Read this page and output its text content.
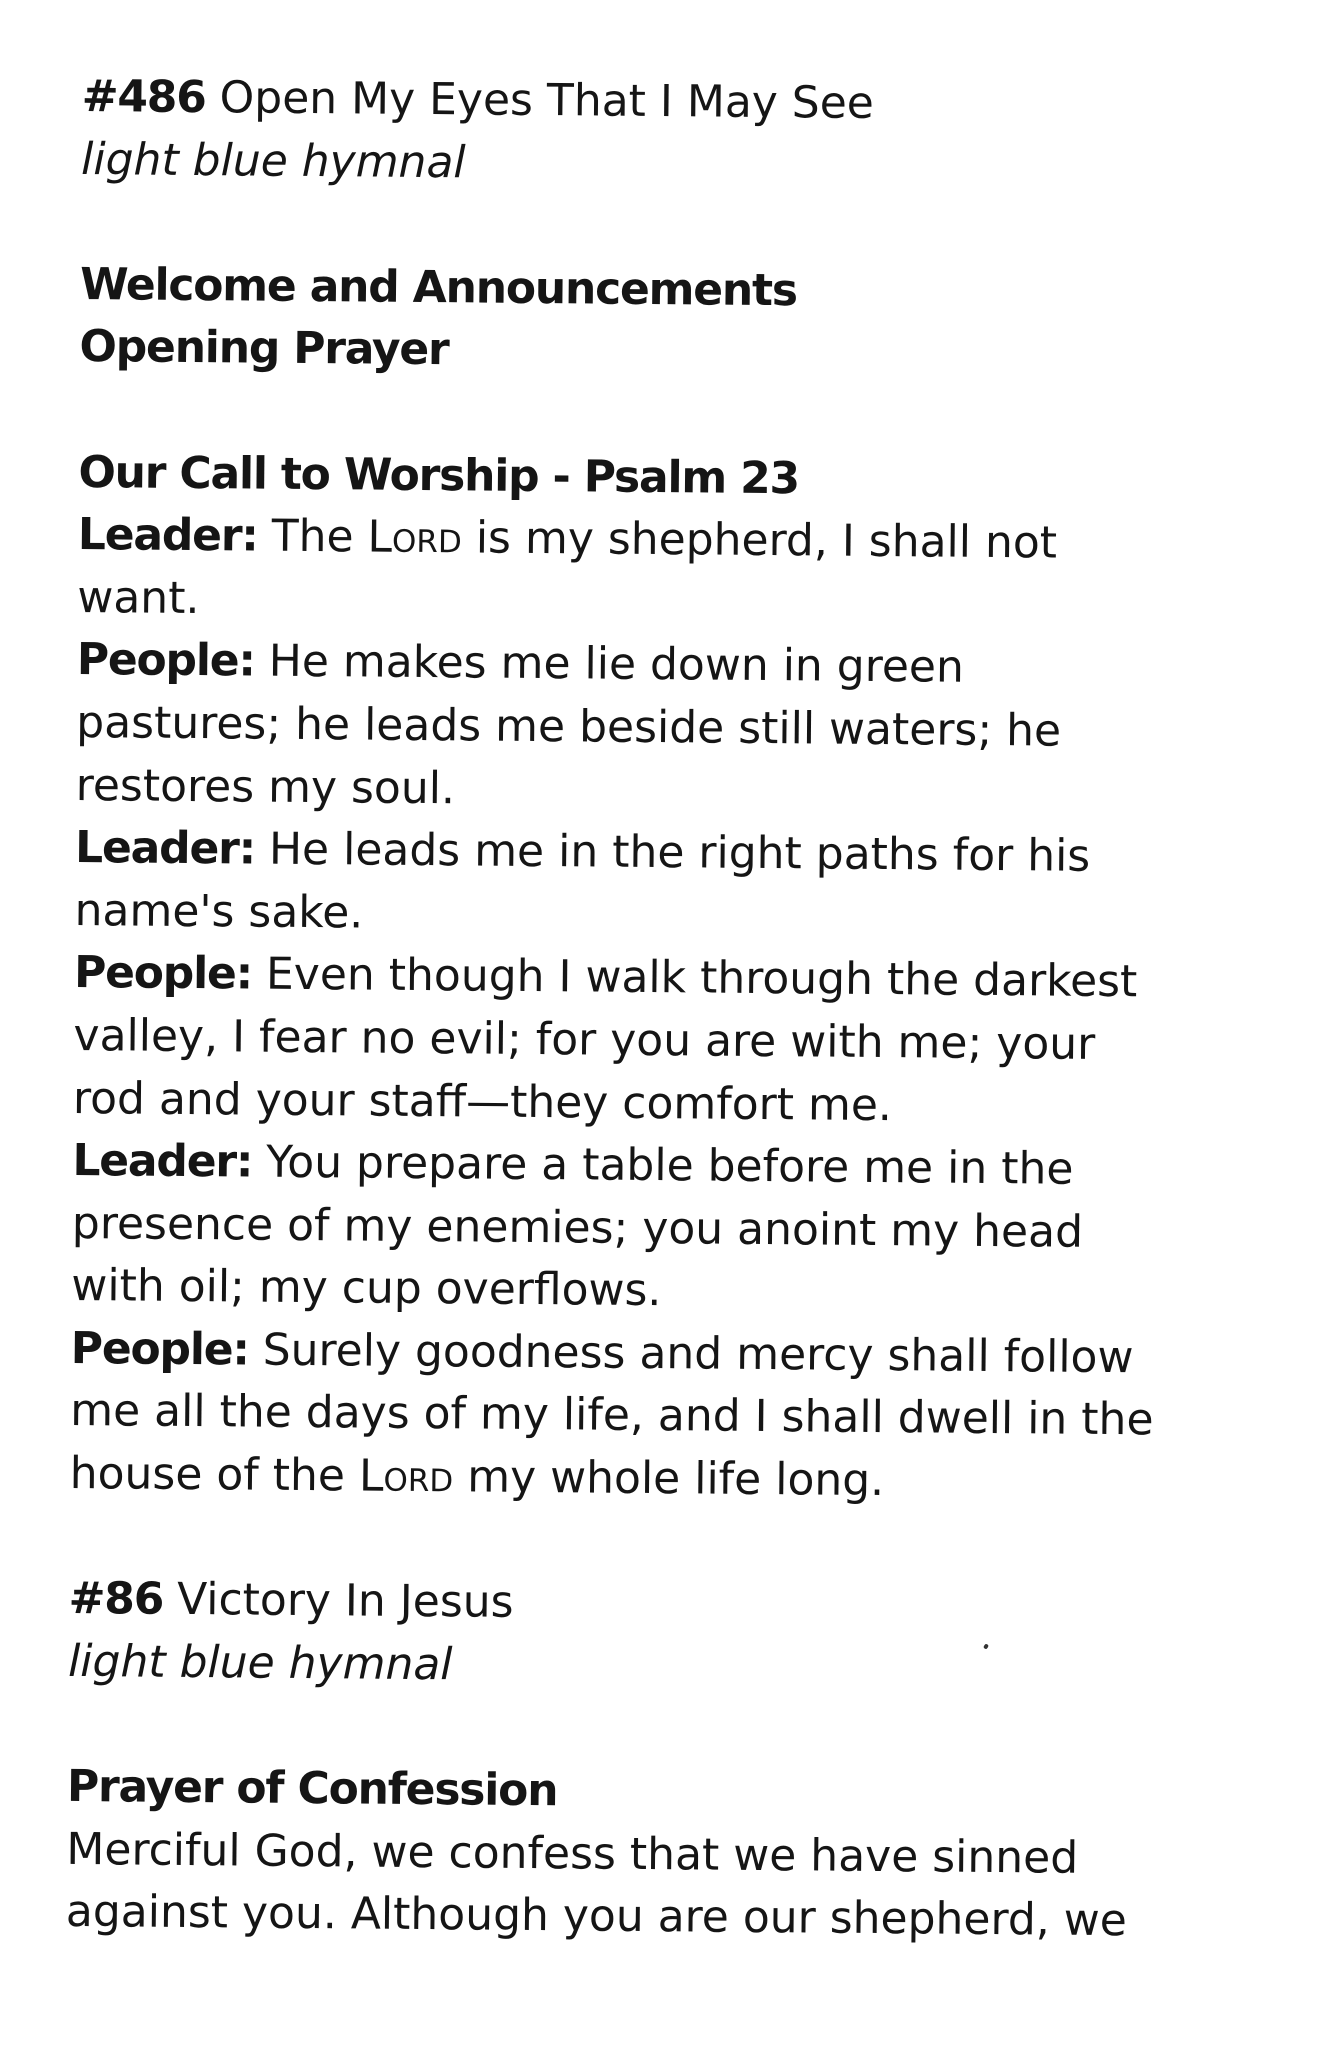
#486 Open My Eyes That I May See
light blue hymnal
Welcome and Announcements
Opening Prayer
Our Call to Worship - Psalm 23
Leader: The Lord is my shepherd, I shall not
want.
People: He makes me lie down in green
pastures; he leads me beside still waters; he
restores my soul.
Leader: He leads me in the right paths for his
name's sake.
People: Even though I walk through the darkest
valley, I fear no evil; for you are with me; your
rod and your staff—they comfort me.
Leader: You prepare a table before me in the
presence of my enemies; you anoint my head
with oil; my cup overflows.
People: Surely goodness and mercy shall follow
me all the days of my life, and I shall dwell in the
house of the Lord my whole life long.
#86 Victory In Jesus
light blue hymnal
Prayer of Confession
Merciful God, we confess that we have sinned
against you. Although you are our shepherd, we
